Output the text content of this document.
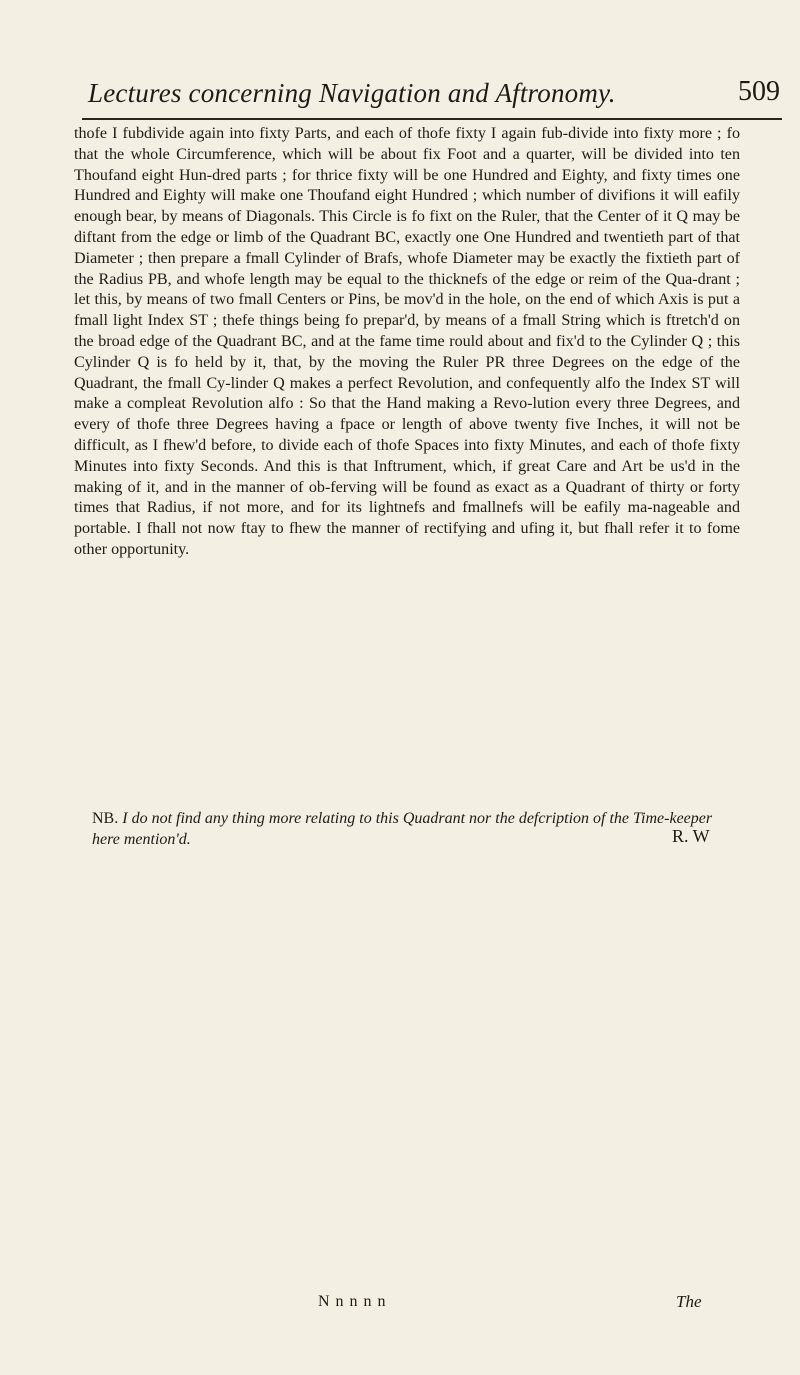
Lectures concerning Navigation and Aftronomy.	509
thofe I fubdivide again into fixty Parts, and each of thofe fixty I again fub-divide into fixty more ; fo that the whole Circumference, which will be about fix Foot and a quarter, will be divided into ten Thoufand eight Hun-dred parts ; for thrice fixty will be one Hundred and Eighty, and fixty times one Hundred and Eighty will make one Thoufand eight Hundred ; which number of divifions it will eafily enough bear, by means of Diagonals. This Circle is fo fixt on the Ruler, that the Center of it Q may be diftant from the edge or limb of the Quadrant BC, exactly one One Hundred and twentieth part of that Diameter ; then prepare a fmall Cylinder of Brafs, whofe Diameter may be exactly the fixtieth part of the Radius PB, and whofe length may be equal to the thicknefs of the edge or reim of the Qua-drant ; let this, by means of two fmall Centers or Pins, be mov'd in the hole, on the end of which Axis is put a fmall light Index ST ; thefe things being fo prepar'd, by means of a fmall String which is ftretch'd on the broad edge of the Quadrant BC, and at the fame time rould about and fix'd to the Cylinder Q ; this Cylinder Q is fo held by it, that, by the moving the Ruler PR three Degrees on the edge of the Quadrant, the fmall Cy-linder Q makes a perfect Revolution, and confequently alfo the Index ST will make a compleat Revolution alfo : So that the Hand making a Revo-lution every three Degrees, and every of thofe three Degrees having a fpace or length of above twenty five Inches, it will not be difficult, as I fhew'd before, to divide each of thofe Spaces into fixty Minutes, and each of thofe fixty Minutes into fixty Seconds. And this is that Inftrument, which, if great Care and Art be us'd in the making of it, and in the manner of ob-ferving will be found as exact as a Quadrant of thirty or forty times that Radius, if not more, and for its lightnefs and fmallnefs will be eafily ma-nageable and portable. I fhall not now ftay to fhew the manner of rectifying and ufing it, but fhall refer it to fome other opportunity.
NB. I do not find any thing more relating to this Quadrant nor the defcription of the Time-keeper here mention'd.	R. W
N n n n n	The
